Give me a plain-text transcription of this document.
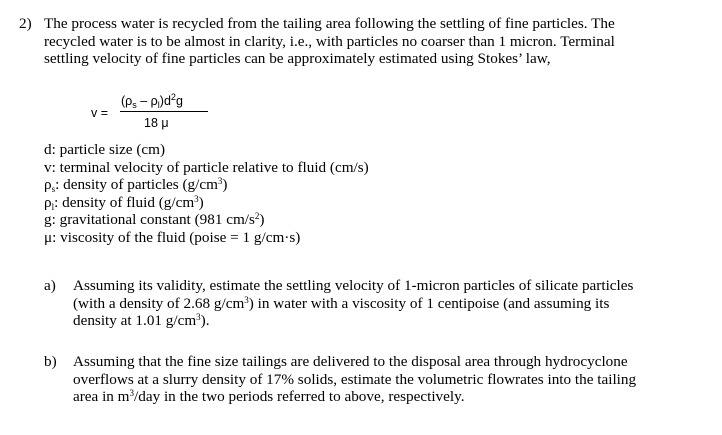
2) The process water is recycled from the tailing area following the settling of fine particles. The
recycled water is to be almost in clarity, i.e., with particles no coarser than 1 micron. Terminal
settling velocity of fine particles can be approximately estimated using Stokes’ law,
v =
$(\rho_s - \rho_l)d^2g$
18 μ
d: particle size (cm)
v: terminal velocity of particle relative to fluid (cm/s)
$\rho_s$: density of particles $(g/cm^3)$
$\rho_l$: density of fluid $(g/cm^3)$
g: gravitational constant (981 $cm/s^2$)
μ: viscosity of the fluid (poise = 1 g/cm·s)
a) Assuming its validity, estimate the settling velocity of 1-micron particles of silicate particles
(with a density of 2.68 $g/cm^3$) in water with a viscosity of 1 centipoise (and assuming its
density at 1.01 $g/cm^3$).
b) Assuming that the fine size tailings are delivered to the disposal area through hydrocyclone
overflows at a slurry density of 17% solids, estimate the volumetric flowrates into the tailing
area in $m^3$/day in the two periods referred to above, respectively.
